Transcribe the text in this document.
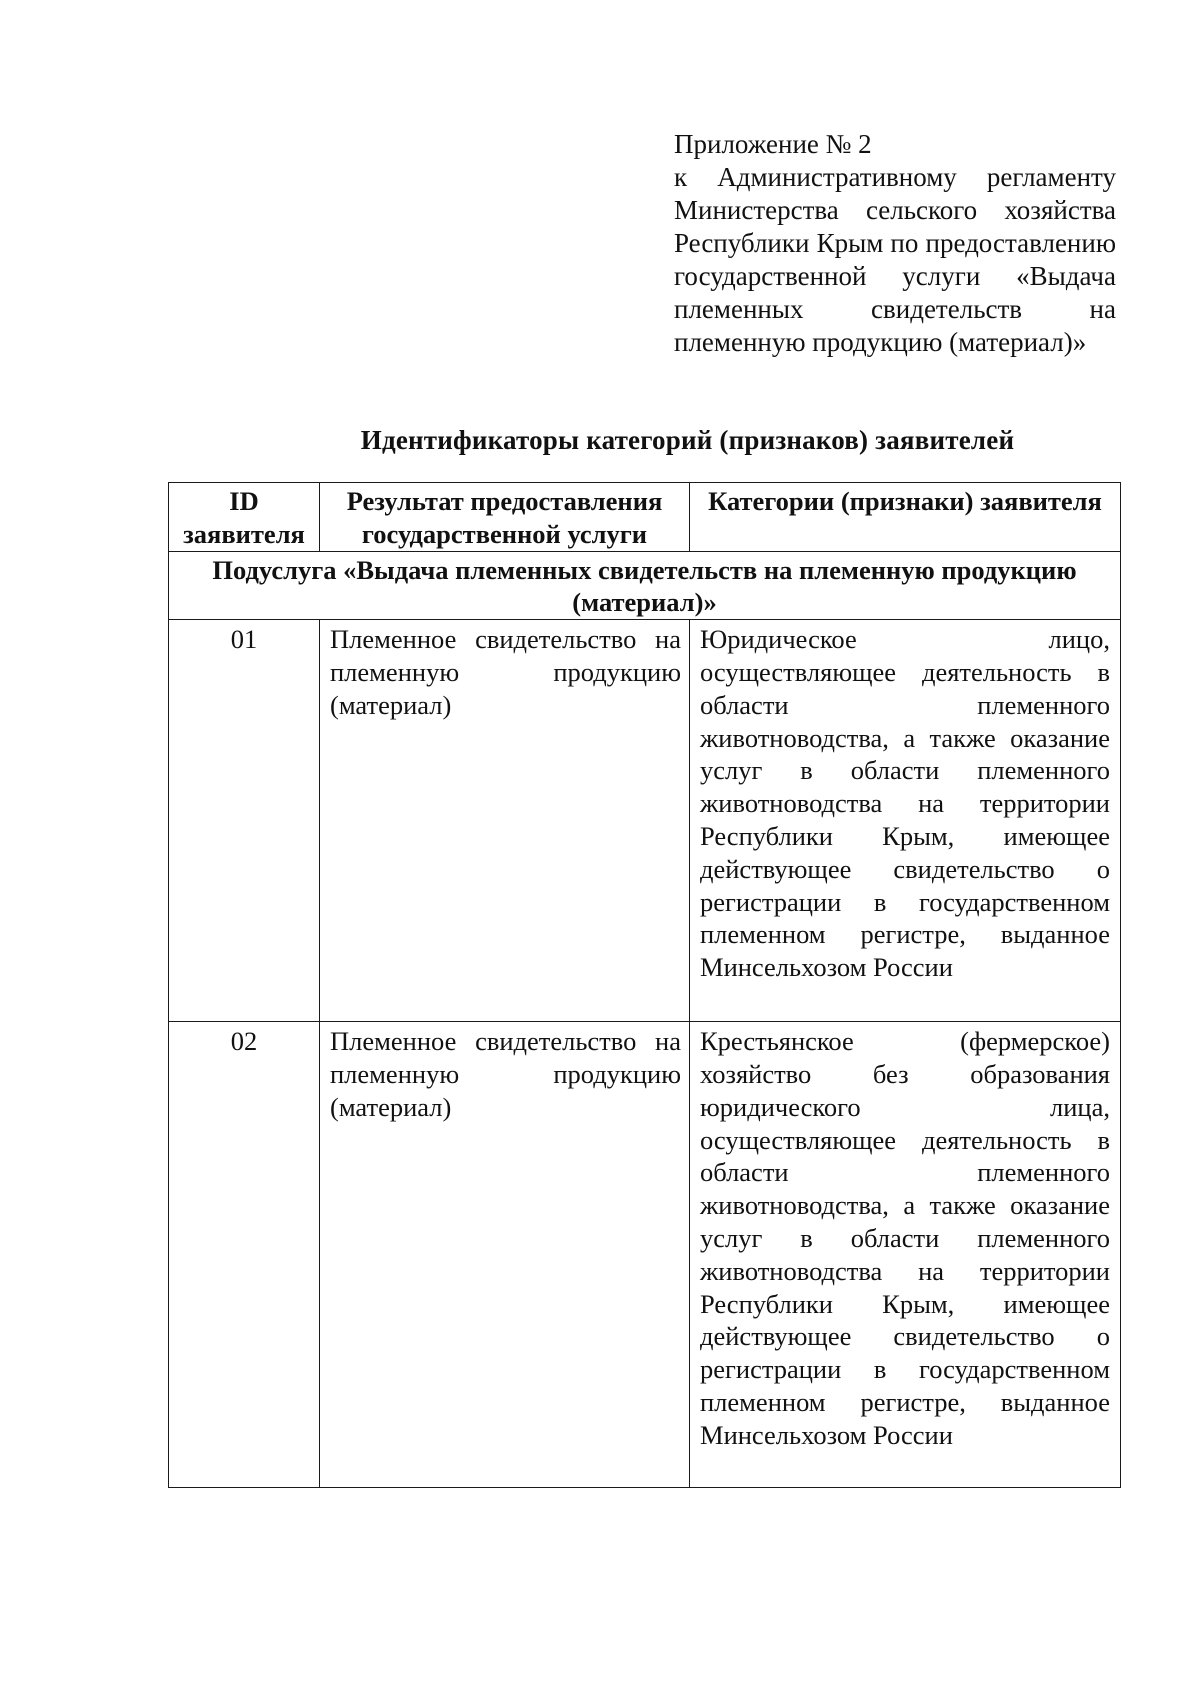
Приложение № 2
к Административному регламенту Министерства сельского хозяйства Республики Крым по предоставлению государственной услуги «Выдача племенных свидетельств на племенную продукцию (материал)»
Идентификаторы категорий (признаков) заявителей
ID заявителя	Результат предоставления государственной услуги	Категории (признаки) заявителя
Подуслуга «Выдача племенных свидетельств на племенную продукцию (материал)»		
01	Племенное свидетельство на племенную продукцию (материал)	Юридическое лицо, осуществляющее деятельность в области племенного животноводства, а также оказание услуг в области племенного животноводства на территории Республики Крым, имеющее действующее свидетельство о регистрации в государственном племенном регистре, выданное Минсельхозом России
02	Племенное свидетельство на племенную продукцию (материал)	Крестьянское (фермерское) хозяйство без образования юридического лица, осуществляющее деятельность в области племенного животноводства, а также оказание услуг в области племенного животноводства на территории Республики Крым, имеющее действующее свидетельство о регистрации в государственном племенном регистре, выданное Минсельхозом России
